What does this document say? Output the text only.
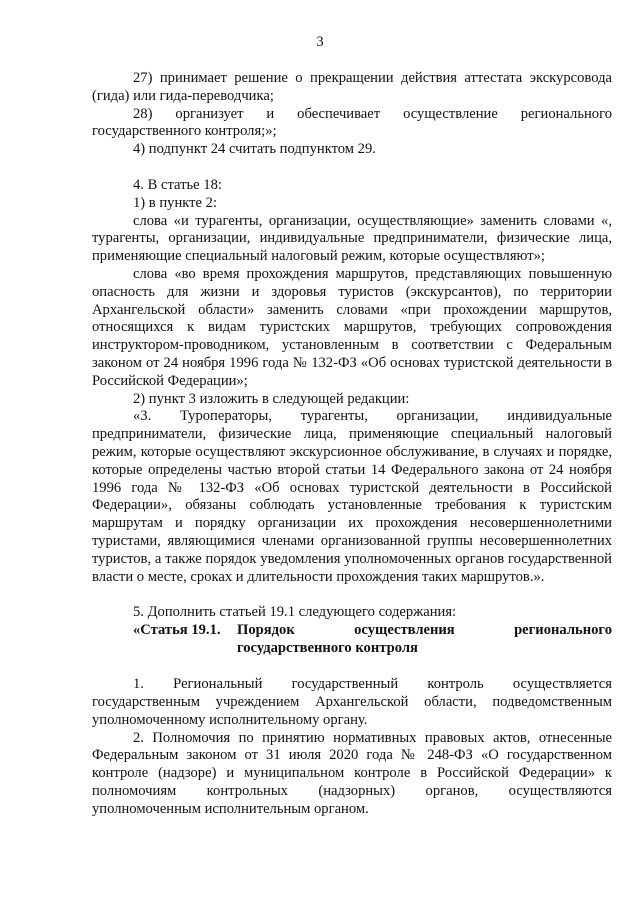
3

27) принимает решение о прекращении действия аттестата экскурсовода (гида) или гида-переводчика;

28) организует и обеспечивает осуществление регионального государственного контроля;»;

4) подпункт 24 считать подпунктом 29.

4. В статье 18:

1) в пункте 2:

слова «и турагенты, организации, осуществляющие» заменить словами «, турагенты, организации, индивидуальные предприниматели, физические лица, применяющие специальный налоговый режим, которые осуществляют»;

слова «во время прохождения маршрутов, представляющих повышенную опасность для жизни и здоровья туристов (экскурсантов), по территории Архангельской области» заменить словами «при прохождении маршрутов, относящихся к видам туристских маршрутов, требующих сопровождения инструктором-проводником, установленным в соответствии с Федеральным законом от 24 ноября 1996 года № 132-ФЗ «Об основах туристской деятельности в Российской Федерации»;

2) пункт 3 изложить в следующей редакции:

«3. Туроператоры, турагенты, организации, индивидуальные предприниматели, физические лица, применяющие специальный налоговый режим, которые осуществляют экскурсионное обслуживание, в случаях и порядке, которые определены частью второй статьи 14 Федерального закона от 24 ноября 1996 года № 132-ФЗ «Об основах туристской деятельности в Российской Федерации», обязаны соблюдать установленные требования к туристским маршрутам и порядку организации их прохождения несовершеннолетними туристами, являющимися членами организованной группы несовершеннолетних туристов, а также порядок уведомления уполномоченных органов государственной власти о месте, сроках и длительности прохождения таких маршрутов.».

5. Дополнить статьей 19.1 следующего содержания:

«Статья 19.1. Порядок осуществления регионального
государственного контроля

1. Региональный государственный контроль осуществляется государственным учреждением Архангельской области, подведомственным уполномоченному исполнительному органу.

2. Полномочия по принятию нормативных правовых актов, отнесенные Федеральным законом от 31 июля 2020 года № 248-ФЗ «О государственном контроле (надзоре) и муниципальном контроле в Российской Федерации» к полномочиям контрольных (надзорных) органов, осуществляются уполномоченным исполнительным органом.
